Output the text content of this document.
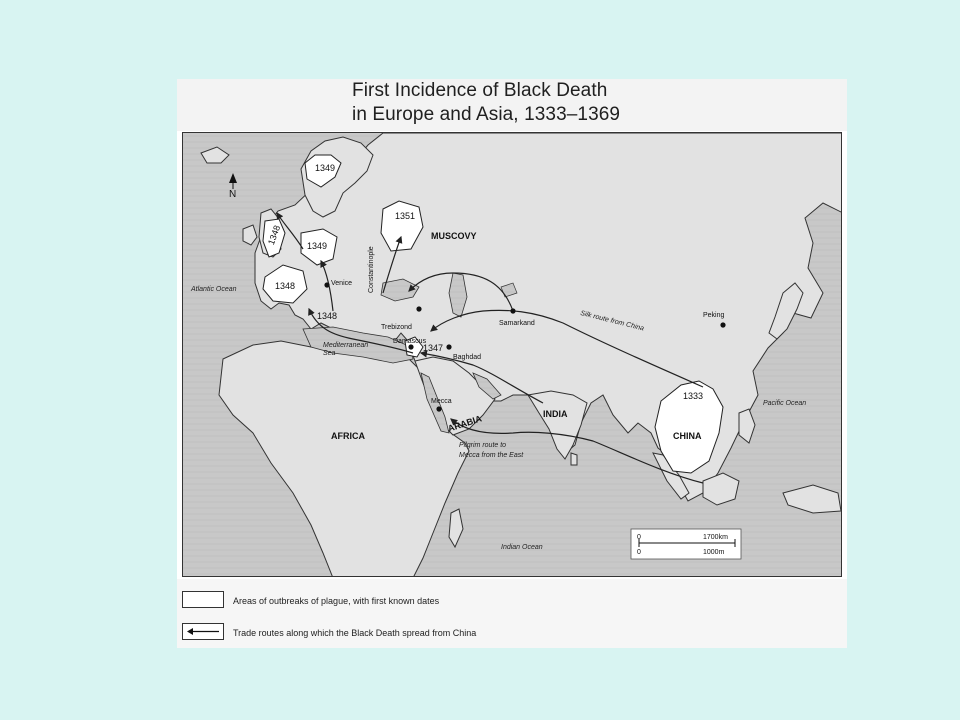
First Incidence of Black Death
in Europe and Asia, 1333–1369
N
1349
1348	1349
1348
1348
1351
1347
1333
MUSCOVY
AFRICA
ARABIA	INDIA
CHINA
Atlantic Ocean
Mediterranean
Sea
Indian Ocean
Pacific Ocean
Venice Constantinople
Trebizond
Damascus
Baghdad
Mecca
Samarkand
Peking
Silk route from China
Pilgrim route to
Mecca from the East
0	1700km
0	1000m
Areas of outbreaks of plague, with first known dates
Trade routes along which the Black Death spread from China
